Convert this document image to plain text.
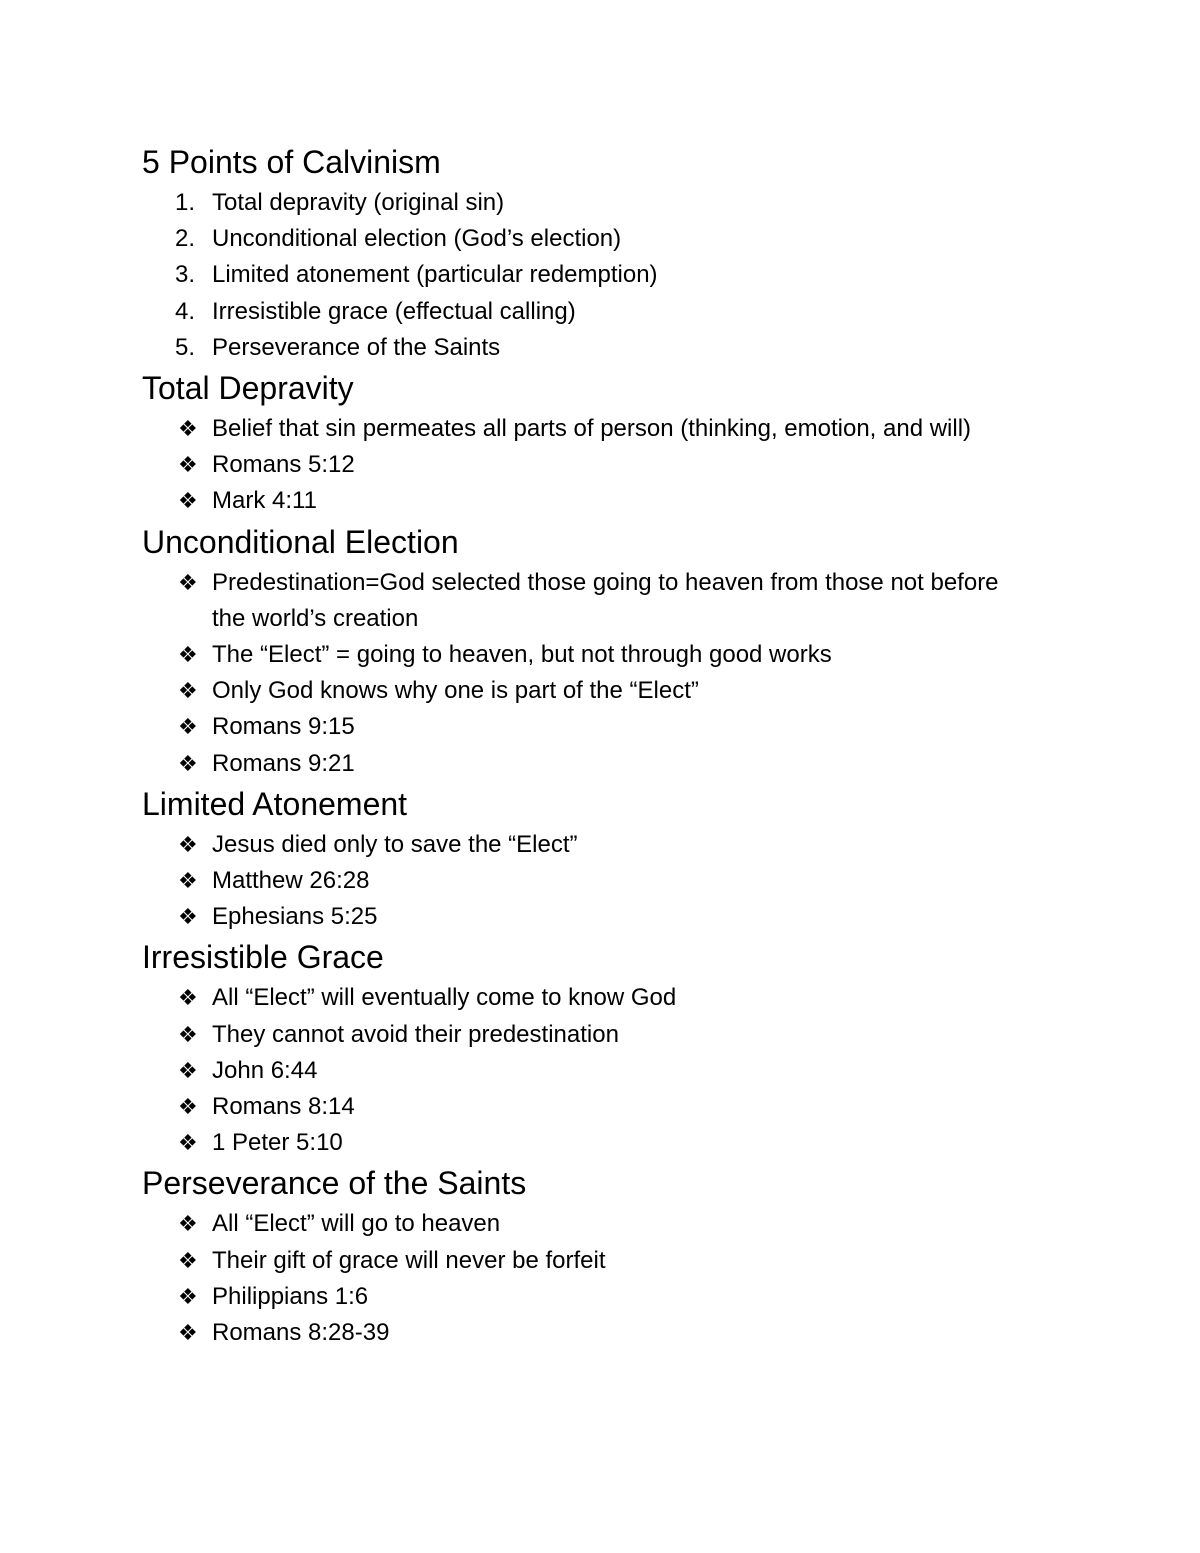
5 Points of Calvinism
1. Total depravity (original sin)
2. Unconditional election (God’s election)
3. Limited atonement (particular redemption)
4. Irresistible grace (effectual calling)
5. Perseverance of the Saints
Total Depravity
❖ Belief that sin permeates all parts of person (thinking, emotion, and will)
❖ Romans 5:12
❖ Mark 4:11
Unconditional Election
❖ Predestination=God selected those going to heaven from those not before the world’s creation
❖ The “Elect” = going to heaven, but not through good works
❖ Only God knows why one is part of the “Elect”
❖ Romans 9:15
❖ Romans 9:21
Limited Atonement
❖ Jesus died only to save the “Elect”
❖ Matthew 26:28
❖ Ephesians 5:25
Irresistible Grace
❖ All “Elect” will eventually come to know God
❖ They cannot avoid their predestination
❖ John 6:44
❖ Romans 8:14
❖ 1 Peter 5:10
Perseverance of the Saints
❖ All “Elect” will go to heaven
❖ Their gift of grace will never be forfeit
❖ Philippians 1:6
❖ Romans 8:28-39
